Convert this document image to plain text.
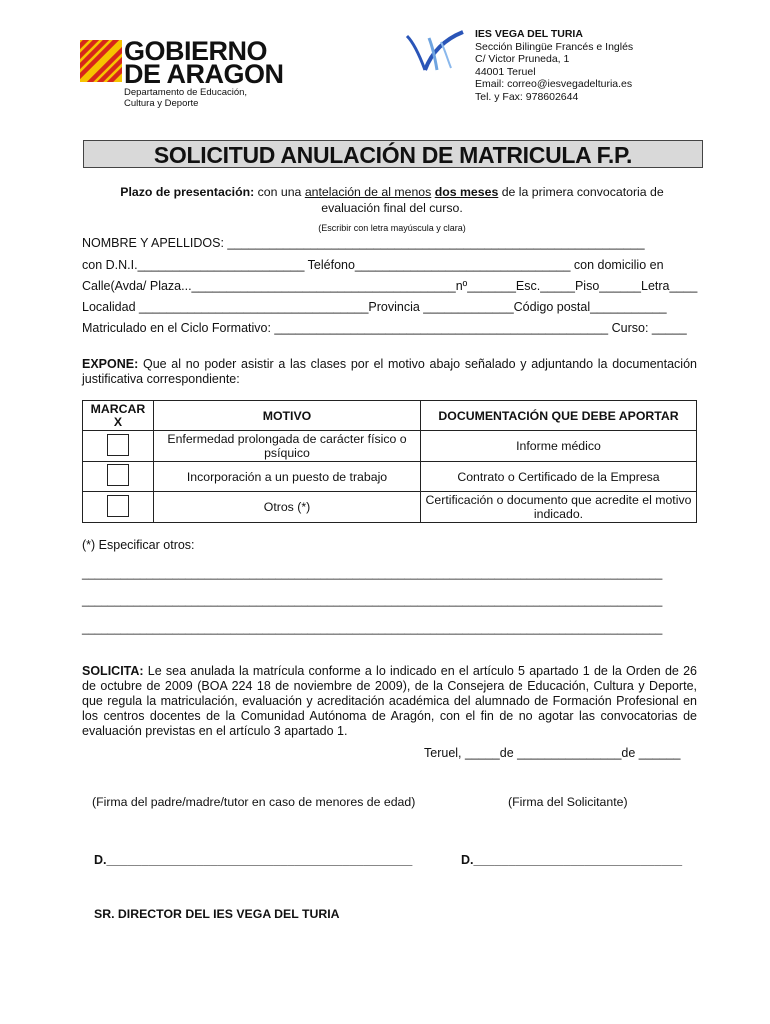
GOBIERNO
DE ARAGON
Departamento de Educación,
Cultura y Deporte
IES VEGA DEL TURIA
Sección Bilingüe Francés e Inglés
C/ Victor Pruneda, 1
44001 Teruel
Email: correo@iesvegadelturia.es
Tel. y Fax: 978602644
SOLICITUD ANULACIÓN DE MATRICULA F.P.
Plazo de presentación: con una antelación de al menos dos meses de la primera convocatoria de
evaluación final del curso.
(Escribir con letra mayúscula y clara)
NOMBRE Y APELLIDOS: ____________________________________________________________
con D.N.I.________________________ Teléfono_______________________________ con domicilio en
Calle(Avda/ Plaza...______________________________________nº_______Esc._____Piso______Letra____
Localidad _________________________________Provincia _____________Código postal___________
Matriculado en el Ciclo Formativo: ________________________________________________ Curso: _____
EXPONE: Que al no poder asistir a las clases por el motivo abajo señalado y adjuntando la documentación justificativa correspondiente:
MARCAR X	MOTIVO	DOCUMENTACIÓN QUE DEBE APORTAR
	Enfermedad prolongada de carácter físico o psíquico	Informe médico
	Incorporación a un puesto de trabajo	Contrato o Certificado de la Empresa
	Otros (*)	Certificación o documento que acredite el motivo indicado.
(*) Especificar otros:
__________________________________________________________________________________________
__________________________________________________________________________________________
__________________________________________________________________________________________
SOLICITA: Le sea anulada la matrícula conforme a lo indicado en el artículo 5 apartado 1 de la Orden de 26 de octubre de 2009 (BOA 224 18 de noviembre de 2009), de la Consejera de Educación, Cultura y Deporte, que regula la matriculación, evaluación y acreditación académica del alumnado de Formación Profesional en los centros docentes de la Comunidad Autónoma de Aragón, con el fin de no agotar las convocatorias de evaluación previstas en el artículo 3 apartado 1.
Teruel, _____de _______________de ______
(Firma del padre/madre/tutor en caso de menores de edad)	(Firma del Solicitante)
D.____________________________________________	D.______________________________
SR. DIRECTOR DEL IES VEGA DEL TURIA
